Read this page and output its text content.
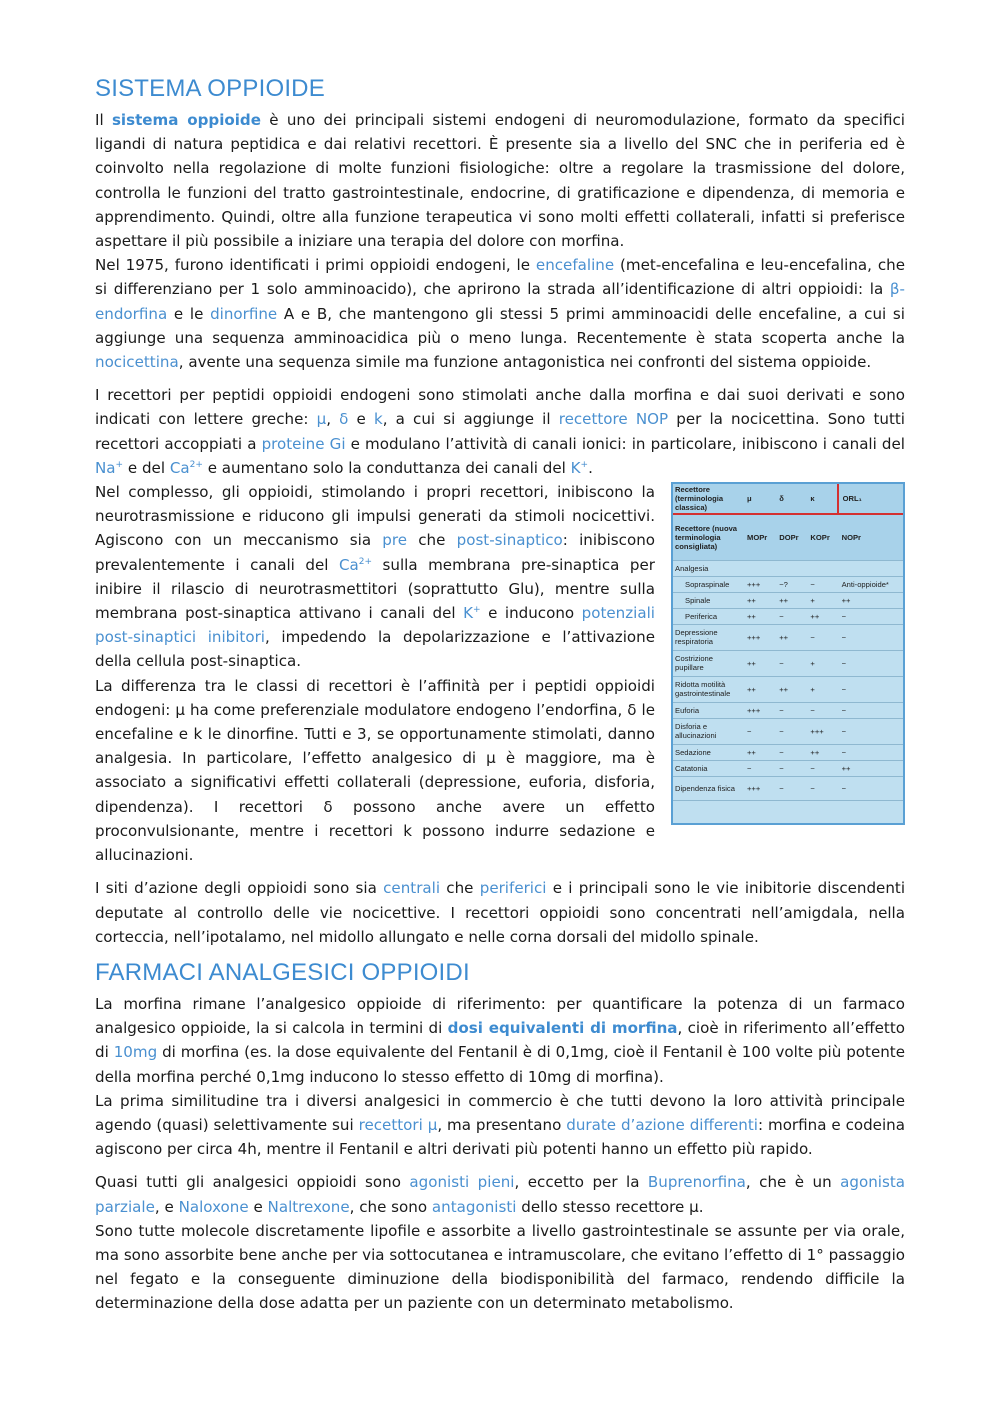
SISTEMA OPPIOIDE

Il sistema oppioide è uno dei principali sistemi endogeni di neuromodulazione, formato da specifici ligandi di natura peptidica e dai relativi recettori. È presente sia a livello del SNC che in periferia ed è coinvolto nella regolazione di molte funzioni fisiologiche: oltre a regolare la trasmissione del dolore, controlla le funzioni del tratto gastrointestinale, endocrine, di gratificazione e dipendenza, di memoria e apprendimento. Quindi, oltre alla funzione terapeutica vi sono molti effetti collaterali, infatti si preferisce aspettare il più possibile a iniziare una terapia del dolore con morfina.

Nel 1975, furono identificati i primi oppioidi endogeni, le encefaline (met-encefalina e leu-encefalina, che si differenziano per 1 solo amminoacido), che aprirono la strada all’identificazione di altri oppioidi: la β-endorfina e le dinorfine A e B, che mantengono gli stessi 5 primi amminoacidi delle encefaline, a cui si aggiunge una sequenza amminoacidica più o meno lunga. Recentemente è stata scoperta anche la nocicettina, avente una sequenza simile ma funzione antagonistica nei confronti del sistema oppioide.

I recettori per peptidi oppioidi endogeni sono stimolati anche dalla morfina e dai suoi derivati e sono indicati con lettere greche: μ, δ e k, a cui si aggiunge il recettore NOP per la nocicettina. Sono tutti recettori accoppiati a proteine Gi e modulano l’attività di canali ionici: in particolare, inibiscono i canali del Na+ e del $Ca^{2+}$ e aumentano solo la conduttanza dei canali del K+.

Recettore (terminologia classica)	μ	δ	κ	ORL₁
Recettore (nuova terminologia consigliata)	MOPr	DOPr	KOPr	NOPr
Analgesia				
Sopraspinale	+++	−?	−	Anti-oppioide*
Spinale	++	++	+	++
Periferica	++	−	++	−
Depressione respiratoria	+++	++	−	−
Costrizione pupillare	++	−	+	−
Ridotta motilità gastrointestinale	++	++	+	−
Euforia	+++	−	−	−
Disforia e allucinazioni	−	−	+++	−
Sedazione	++	−	++	−
Catatonia	−	−	−	++
Dipendenza fisica	+++	−	−	−

Nel complesso, gli oppioidi, stimolando i propri recettori, inibiscono la neurotrasmissione e riducono gli impulsi generati da stimoli nocicettivi. Agiscono con un meccanismo sia pre che post-sinaptico: inibiscono prevalentemente i canali del $Ca^{2+}$ sulla membrana pre-sinaptica per inibire il rilascio di neurotrasmettitori (soprattutto Glu), mentre sulla membrana post-sinaptica attivano i canali del K+ e inducono potenziali post-sinaptici inibitori, impedendo la depolarizzazione e l’attivazione della cellula post-sinaptica.

La differenza tra le classi di recettori è l’affinità per i peptidi oppioidi endogeni: μ ha come preferenziale modulatore endogeno l’endorfina, δ le encefaline e k le dinorfine. Tutti e 3, se opportunamente stimolati, danno analgesia. In particolare, l’effetto analgesico di μ è maggiore, ma è associato a significativi effetti collaterali (depressione, euforia, disforia, dipendenza). I recettori δ possono anche avere un effetto proconvulsionante, mentre i recettori k possono indurre sedazione e allucinazioni.

I siti d’azione degli oppioidi sono sia centrali che periferici e i principali sono le vie inibitorie discendenti deputate al controllo delle vie nocicettive. I recettori oppioidi sono concentrati nell’amigdala, nella corteccia, nell’ipotalamo, nel midollo allungato e nelle corna dorsali del midollo spinale.

FARMACI ANALGESICI OPPIOIDI

La morfina rimane l’analgesico oppioide di riferimento: per quantificare la potenza di un farmaco analgesico oppioide, la si calcola in termini di dosi equivalenti di morfina, cioè in riferimento all’effetto di 10mg di morfina (es. la dose equivalente del Fentanil è di 0,1mg, cioè il Fentanil è 100 volte più potente della morfina perché 0,1mg inducono lo stesso effetto di 10mg di morfina).

La prima similitudine tra i diversi analgesici in commercio è che tutti devono la loro attività principale agendo (quasi) selettivamente sui recettori μ, ma presentano durate d’azione differenti: morfina e codeina agiscono per circa 4h, mentre il Fentanil e altri derivati più potenti hanno un effetto più rapido.

Quasi tutti gli analgesici oppioidi sono agonisti pieni, eccetto per la Buprenorfina, che è un agonista parziale, e Naloxone e Naltrexone, che sono antagonisti dello stesso recettore μ.

Sono tutte molecole discretamente lipofile e assorbite a livello gastrointestinale se assunte per via orale, ma sono assorbite bene anche per via sottocutanea e intramuscolare, che evitano l’effetto di 1° passaggio nel fegato e la conseguente diminuzione della biodisponibilità del farmaco, rendendo difficile la determinazione della dose adatta per un paziente con un determinato metabolismo.
